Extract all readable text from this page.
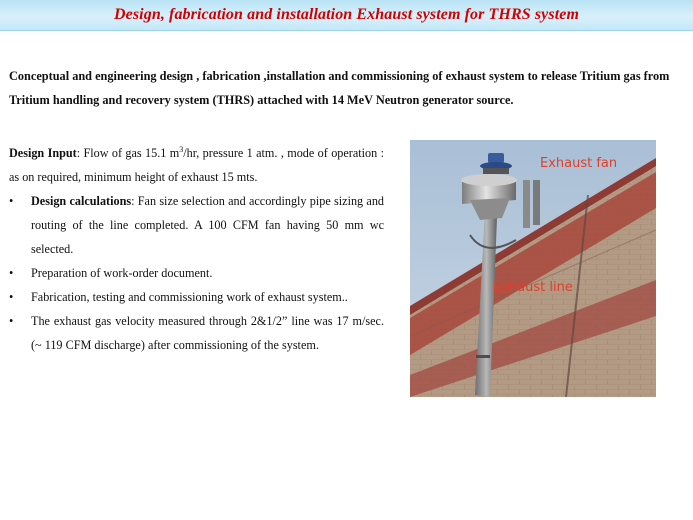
Design, fabrication and installation Exhaust system for THRS system
Conceptual and engineering design , fabrication ,installation and commissioning of exhaust system to release Tritium gas from Tritium handling and recovery system (THRS) attached with 14 MeV Neutron generator source.

Design Input: Flow of gas 15.1 $m^3/hr$, pressure 1 atm. , mode of operation : as on required, minimum height of exhaust 15 mts.

• Design calculations: Fan size selection and accordingly pipe sizing and routing of the line completed. A 100 CFM fan having 50 mm wc selected.
• Preparation of work-order document.
• Fabrication, testing and commissioning work of exhaust system..
• The exhaust gas velocity measured through 2&1/2” line was 17 m/sec. (~ 119 CFM discharge) after commissioning of the system.
Exhaust fan
Exhaust line
